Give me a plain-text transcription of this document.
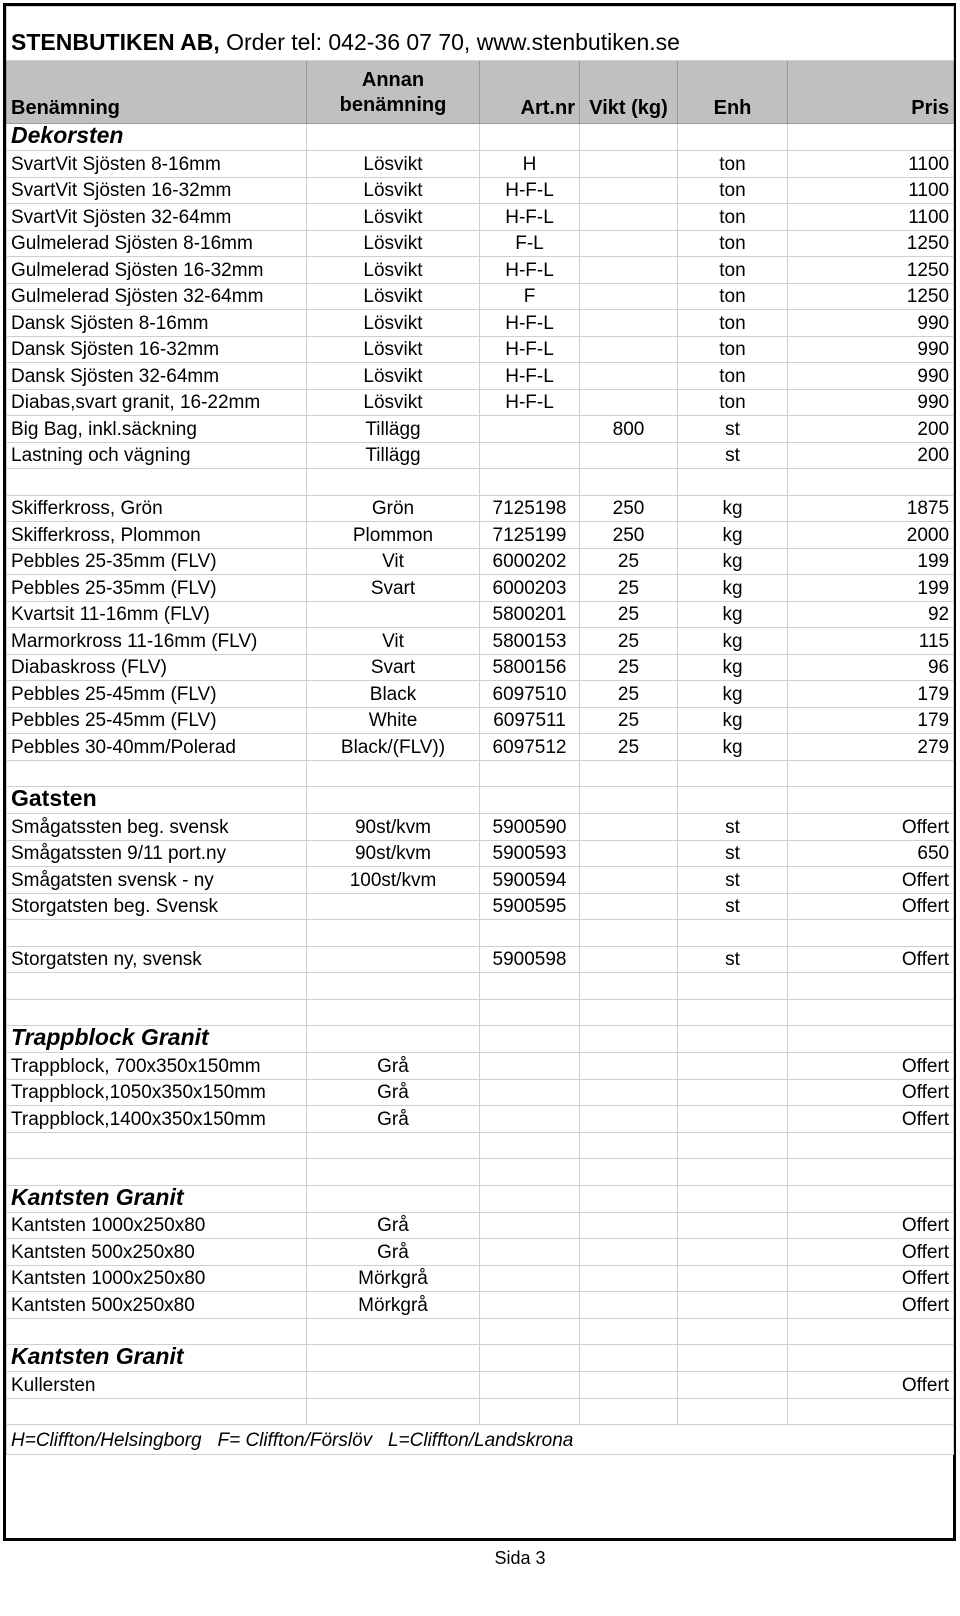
STENBUTIKEN AB, Order tel: 042-36 07 70, www.stenbutiken.se					
Benämning	Annan benämning	Art.nr	Vikt (kg)	Enh	Pris
Dekorsten					
SvartVit Sjösten 8-16mm	Lösvikt	H		ton	1100
SvartVit Sjösten 16-32mm	Lösvikt	H-F-L		ton	1100
SvartVit Sjösten 32-64mm	Lösvikt	H-F-L		ton	1100
Gulmelerad Sjösten 8-16mm	Lösvikt	F-L		ton	1250
Gulmelerad Sjösten 16-32mm	Lösvikt	H-F-L		ton	1250
Gulmelerad Sjösten 32-64mm	Lösvikt	F		ton	1250
Dansk Sjösten 8-16mm	Lösvikt	H-F-L		ton	990
Dansk Sjösten 16-32mm	Lösvikt	H-F-L		ton	990
Dansk Sjösten 32-64mm	Lösvikt	H-F-L		ton	990
Diabas,svart granit, 16-22mm	Lösvikt	H-F-L		ton	990
Big Bag, inkl.säckning	Tillägg		800	st	200
Lastning och vägning	Tillägg			st	200

Skifferkross, Grön	Grön	7125198	250	kg	1875
Skifferkross, Plommon	Plommon	7125199	250	kg	2000
Pebbles 25-35mm (FLV)	Vit	6000202	25	kg	199
Pebbles 25-35mm (FLV)	Svart	6000203	25	kg	199
Kvartsit 11-16mm (FLV)		5800201	25	kg	92
Marmorkross 11-16mm (FLV)	Vit	5800153	25	kg	115
Diabaskross (FLV)	Svart	5800156	25	kg	96
Pebbles 25-45mm (FLV)	Black	6097510	25	kg	179
Pebbles 25-45mm (FLV)	White	6097511	25	kg	179
Pebbles 30-40mm/Polerad	Black/(FLV))	6097512	25	kg	279

Gatsten					
Smågatssten beg. svensk	90st/kvm	5900590		st	Offert
Smågatssten 9/11 port.ny	90st/kvm	5900593		st	650
Smågatsten svensk - ny	100st/kvm	5900594		st	Offert
Storgatsten beg. Svensk		5900595		st	Offert

Storgatsten ny, svensk		5900598		st	Offert

Trappblock Granit					
Trappblock, 700x350x150mm	Grå				Offert
Trappblock,1050x350x150mm	Grå				Offert
Trappblock,1400x350x150mm	Grå				Offert

Kantsten Granit					
Kantsten 1000x250x80	Grå				Offert
Kantsten 500x250x80	Grå				Offert
Kantsten 1000x250x80	Mörkgrå				Offert
Kantsten 500x250x80	Mörkgrå				Offert

Kantsten Granit					
Kullersten					Offert

H=Cliffton/Helsingborg   F= Cliffton/Förslöv   L=Cliffton/Landskrona					
Sida 3
